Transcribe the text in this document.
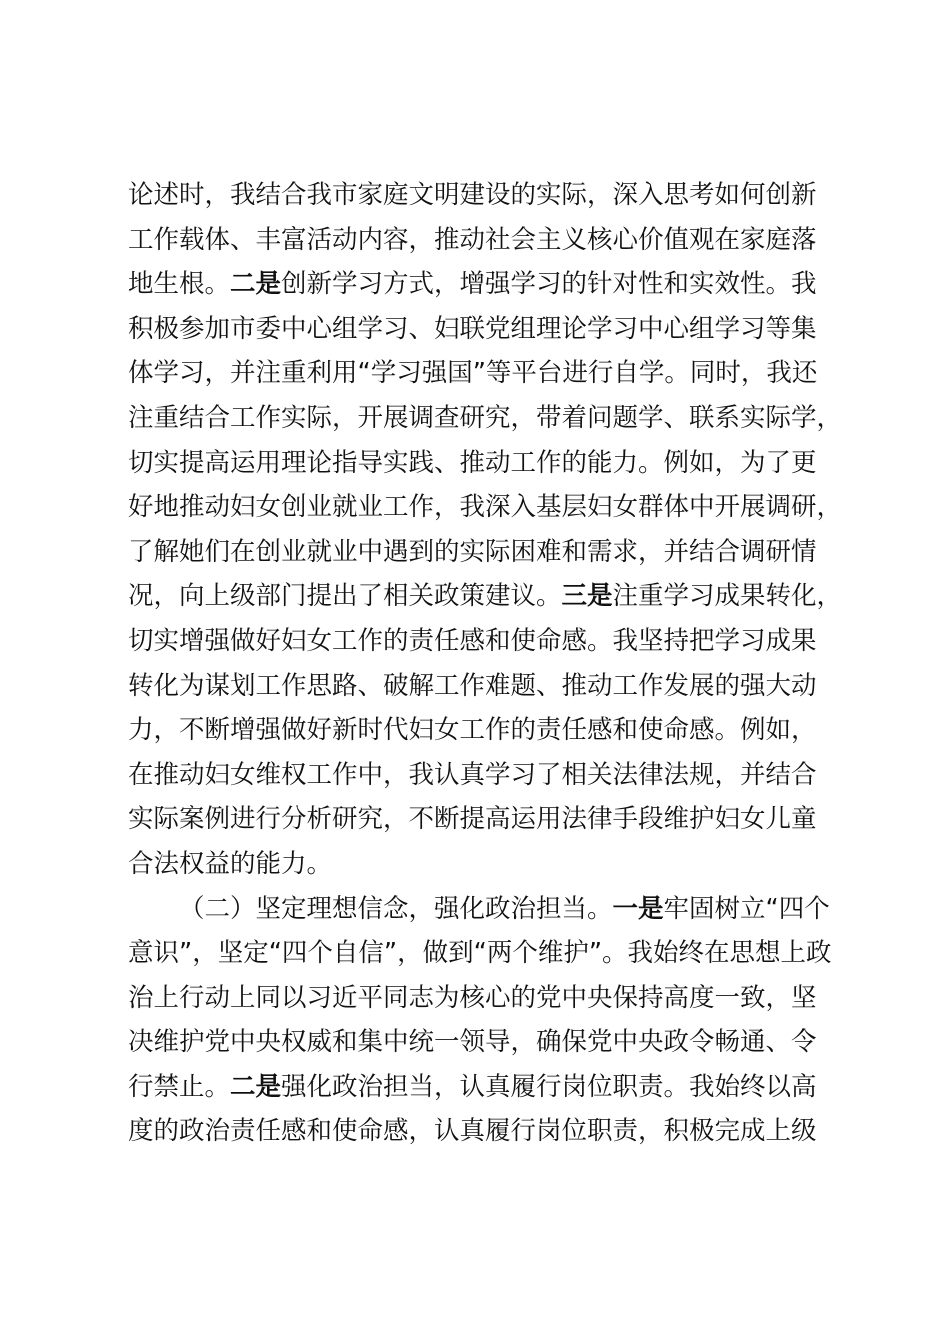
论述时，我结合我市家庭文明建设的实际，深入思考如何创新
工作载体、丰富活动内容，推动社会主义核心价值观在家庭落
地生根。二是创新学习方式，增强学习的针对性和实效性。我
积极参加市委中心组学习、妇联党组理论学习中心组学习等集
体学习，并注重利用“学习强国”等平台进行自学。同时，我还
注重结合工作实际，开展调查研究，带着问题学、联系实际学，
切实提高运用理论指导实践、推动工作的能力。例如，为了更
好地推动妇女创业就业工作，我深入基层妇女群体中开展调研，
了解她们在创业就业中遇到的实际困难和需求，并结合调研情
况，向上级部门提出了相关政策建议。三是注重学习成果转化，
切实增强做好妇女工作的责任感和使命感。我坚持把学习成果
转化为谋划工作思路、破解工作难题、推动工作发展的强大动
力，不断增强做好新时代妇女工作的责任感和使命感。例如，
在推动妇女维权工作中，我认真学习了相关法律法规，并结合
实际案例进行分析研究，不断提高运用法律手段维护妇女儿童
合法权益的能力。
（二）坚定理想信念，强化政治担当。一是牢固树立“四个
意识”，坚定“四个自信”，做到“两个维护”。我始终在思想上政
治上行动上同以习近平同志为核心的党中央保持高度一致，坚
决维护党中央权威和集中统一领导，确保党中央政令畅通、令
行禁止。二是强化政治担当，认真履行岗位职责。我始终以高
度的政治责任感和使命感，认真履行岗位职责，积极完成上级
